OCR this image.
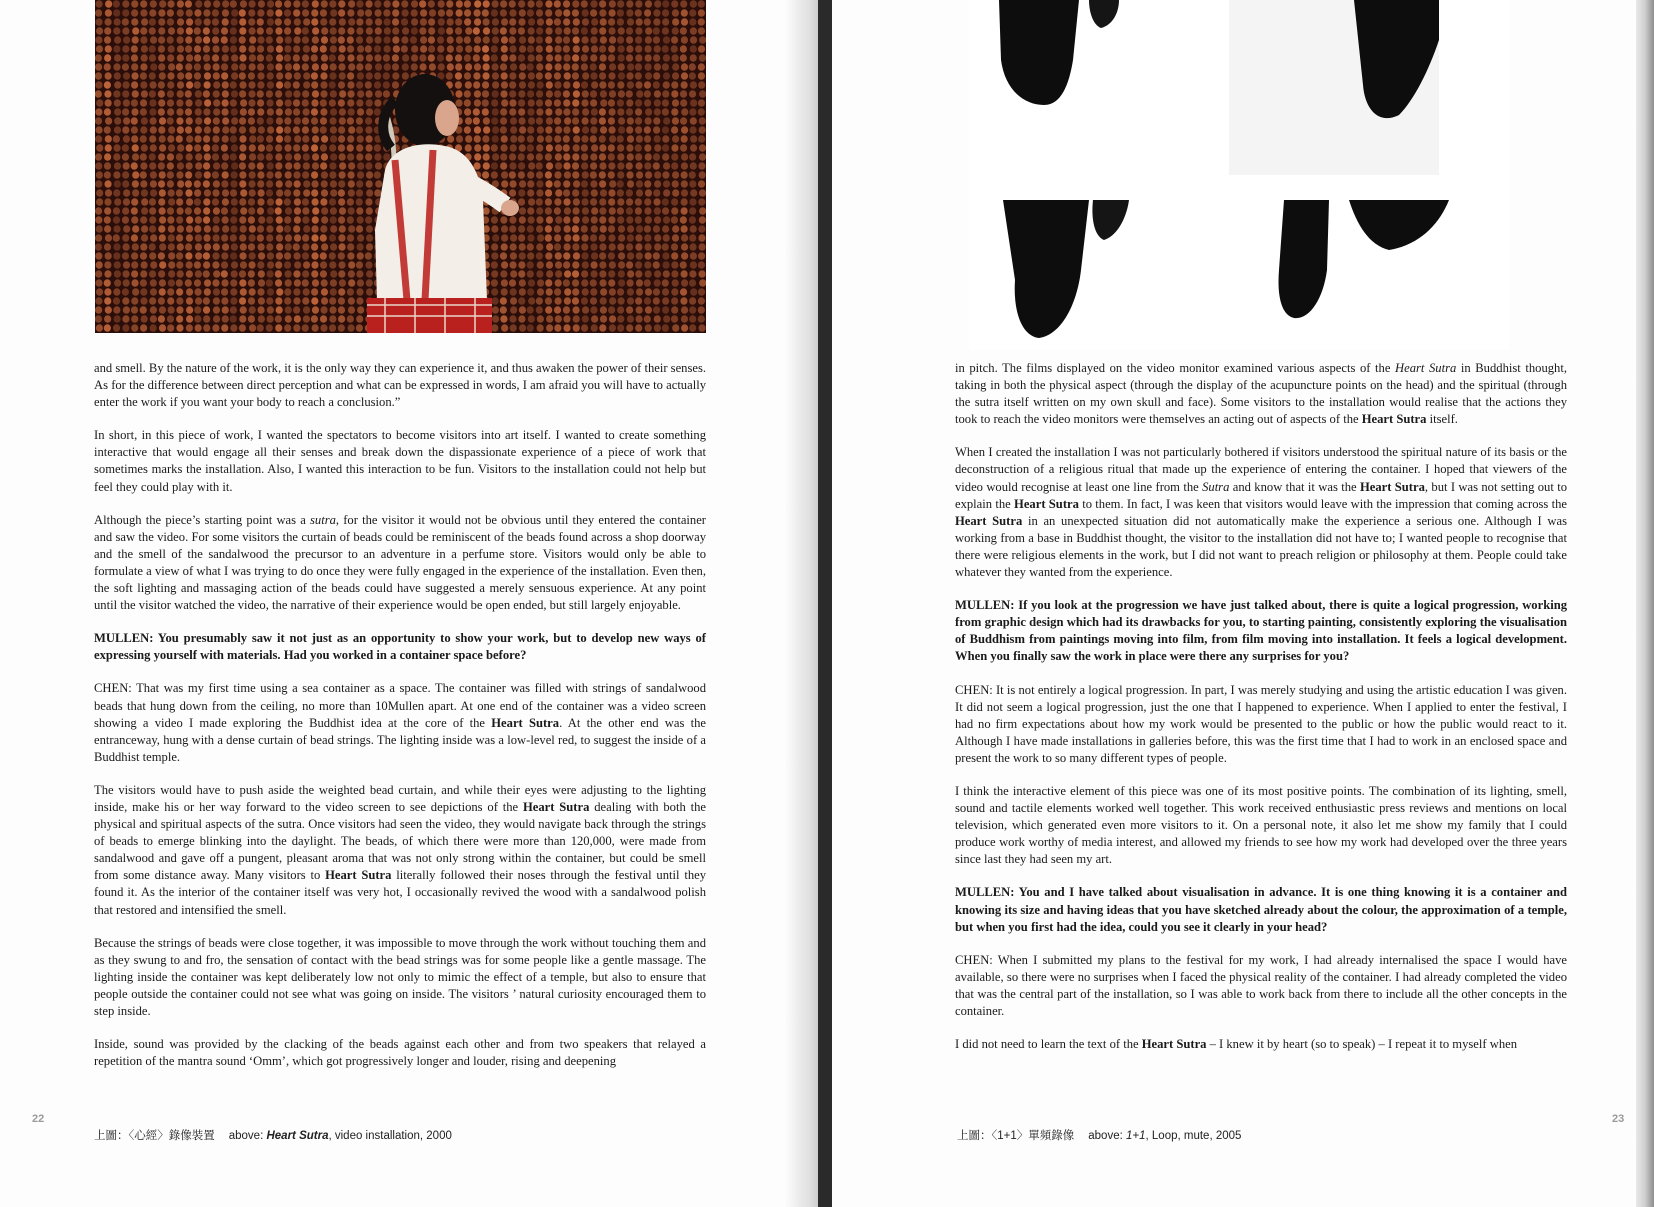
and smell. By the nature of the work, it is the only way they can experience it, and thus awaken the power of their senses. As for the difference between direct perception and what can be expressed in words, I am afraid you will have to actually enter the work if you want your body to reach a conclusion.”

In short, in this piece of work, I wanted the spectators to become visitors into art itself. I wanted to create something interactive that would engage all their senses and break down the dispassionate experience of a piece of work that sometimes marks the installation. Also, I wanted this interaction to be fun. Visitors to the installation could not help but feel they could play with it.

Although the piece’s starting point was a sutra, for the visitor it would not be obvious until they entered the container and saw the video. For some visitors the curtain of beads could be reminiscent of the beads found across a shop doorway and the smell of the sandalwood the precursor to an adventure in a perfume store. Visitors would only be able to formulate a view of what I was trying to do once they were fully engaged in the experience of the installation. Even then, the soft lighting and massaging action of the beads could have suggested a merely sensuous experience. At any point until the visitor watched the video, the narrative of their experience would be open ended, but still largely enjoyable.

MULLEN: You presumably saw it not just as an opportunity to show your work, but to develop new ways of expressing yourself with materials. Had you worked in a container space before?

CHEN: That was my first time using a sea container as a space. The container was filled with strings of sandalwood beads that hung down from the ceiling, no more than 10Mullen apart. At one end of the container was a video screen showing a video I made exploring the Buddhist idea at the core of the Heart Sutra. At the other end was the entranceway, hung with a dense curtain of bead strings. The lighting inside was a low-level red, to suggest the inside of a Buddhist temple.

The visitors would have to push aside the weighted bead curtain, and while their eyes were adjusting to the lighting inside, make his or her way forward to the video screen to see depictions of the Heart Sutra dealing with both the physical and spiritual aspects of the sutra. Once visitors had seen the video, they would navigate back through the strings of beads to emerge blinking into the daylight. The beads, of which there were more than 120,000, were made from sandalwood and gave off a pungent, pleasant aroma that was not only strong within the container, but could be smell from some distance away. Many visitors to Heart Sutra literally followed their noses through the festival until they found it. As the interior of the container itself was very hot, I occasionally revived the wood with a sandalwood polish that restored and intensified the smell.

Because the strings of beads were close together, it was impossible to move through the work without touching them and as they swung to and fro, the sensation of contact with the bead strings was for some people like a gentle massage. The lighting inside the container was kept deliberately low not only to mimic the effect of a temple, but also to ensure that people outside the container could not see what was going on inside. The visitors ’ natural curiosity encouraged them to step inside.

Inside, sound was provided by the clacking of the beads against each other and from two speakers that relayed a repetition of the mantra sound ‘Omm’, which got progressively longer and louder, rising and deepening

22
上圖：〈心經〉錄像裝置 above: Heart Sutra, video installation, 2000

in pitch. The films displayed on the video monitor examined various aspects of the Heart Sutra in Buddhist thought, taking in both the physical aspect (through the display of the acupuncture points on the head) and the spiritual (through the sutra itself written on my own skull and face). Some visitors to the installation would realise that the actions they took to reach the video monitors were themselves an acting out of aspects of the Heart Sutra itself.

When I created the installation I was not particularly bothered if visitors understood the spiritual nature of its basis or the deconstruction of a religious ritual that made up the experience of entering the container. I hoped that viewers of the video would recognise at least one line from the Sutra and know that it was the Heart Sutra, but I was not setting out to explain the Heart Sutra to them. In fact, I was keen that visitors would leave with the impression that coming across the Heart Sutra in an unexpected situation did not automatically make the experience a serious one. Although I was working from a base in Buddhist thought, the visitor to the installation did not have to; I wanted people to recognise that there were religious elements in the work, but I did not want to preach religion or philosophy at them. People could take whatever they wanted from the experience.

MULLEN: If you look at the progression we have just talked about, there is quite a logical progression, working from graphic design which had its drawbacks for you, to starting painting, consistently exploring the visualisation of Buddhism from paintings moving into film, from film moving into installation. It feels a logical development. When you finally saw the work in place were there any surprises for you?

CHEN: It is not entirely a logical progression. In part, I was merely studying and using the artistic education I was given. It did not seem a logical progression, just the one that I happened to experience. When I applied to enter the festival, I had no firm expectations about how my work would be presented to the public or how the public would react to it. Although I have made installations in galleries before, this was the first time that I had to work in an enclosed space and present the work to so many different types of people.

I think the interactive element of this piece was one of its most positive points. The combination of its lighting, smell, sound and tactile elements worked well together. This work received enthusiastic press reviews and mentions on local television, which generated even more visitors to it. On a personal note, it also let me show my family that I could produce work worthy of media interest, and allowed my friends to see how my work had developed over the three years since last they had seen my art.

MULLEN: You and I have talked about visualisation in advance. It is one thing knowing it is a container and knowing its size and having ideas that you have sketched already about the colour, the approximation of a temple, but when you first had the idea, could you see it clearly in your head?

CHEN: When I submitted my plans to the festival for my work, I had already internalised the space I would have available, so there were no surprises when I faced the physical reality of the container. I had already completed the video that was the central part of the installation, so I was able to work back from there to include all the other concepts in the container.

I did not need to learn the text of the Heart Sutra – I knew it by heart (so to speak) – I repeat it to myself when

23
上圖：〈1+1〉單頻錄像 above: 1+1, Loop, mute, 2005
